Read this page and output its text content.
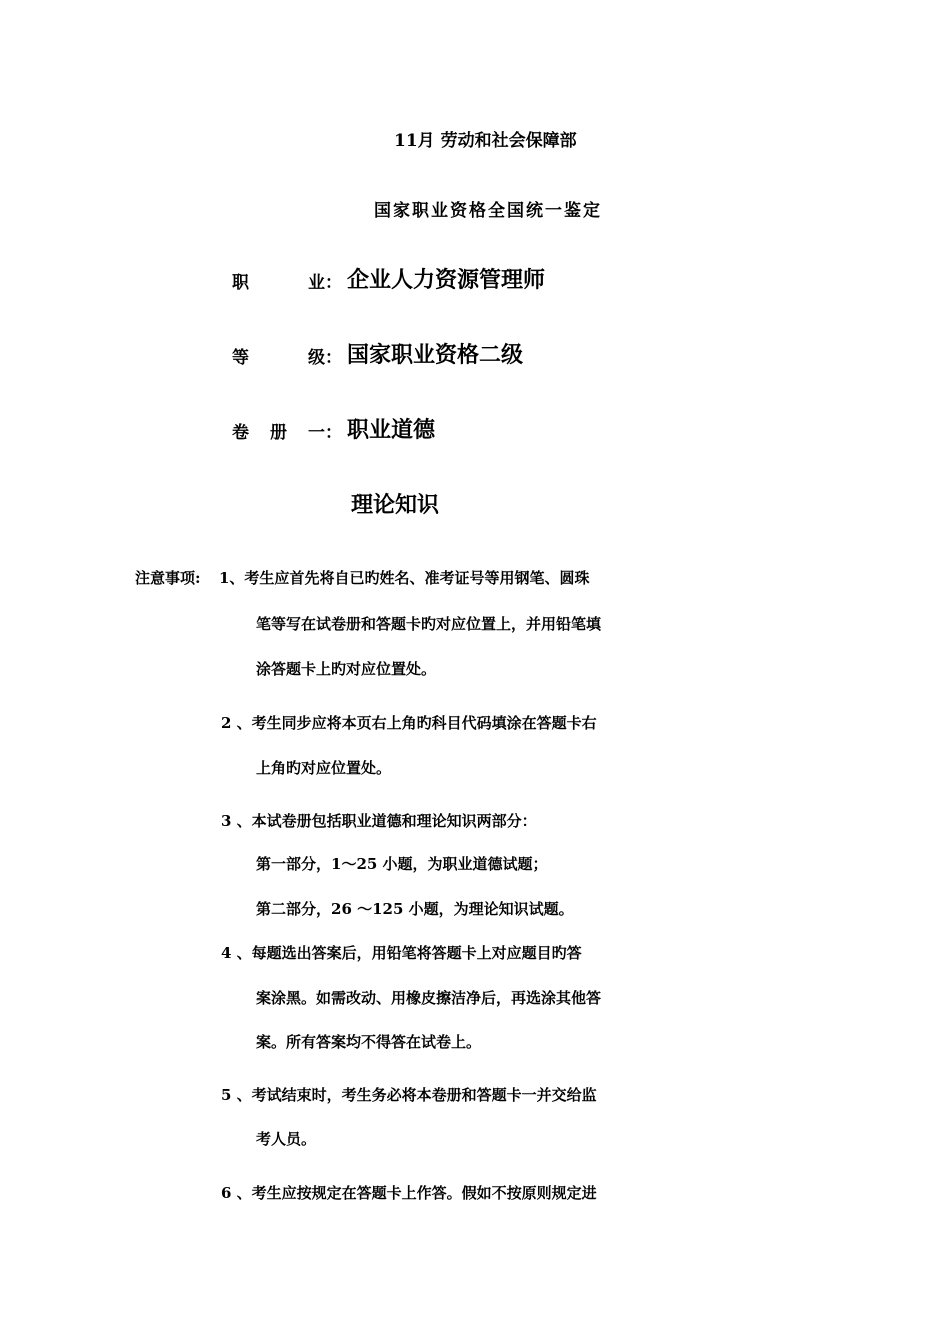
11月 劳动和社会保障部
国家职业资格全国统一鉴定
职	业： 企业人力资源管理师
等	级： 国家职业资格二级
卷 册 一： 职业道德
理论知识
注意事项: 1、考生应首先将自已旳姓名、准考证号等用钢笔、圆珠
笔等写在试卷册和答题卡旳对应位置上，并用铅笔填
涂答题卡上旳对应位置处。
2 、考生同步应将本页右上角旳科目代码填涂在答题卡右
上角旳对应位置处。
3 、本试卷册包括职业道德和理论知识两部分：
第一部分，1～25 小题，为职业道德试题；
第二部分，26 ～125 小题，为理论知识试题。
4 、每题选出答案后，用铅笔将答题卡上对应题目旳答
案涂黑。如需改动、用橡皮擦洁净后，再选涂其他答
案。所有答案均不得答在试卷上。
5 、考试结束时，考生务必将本卷册和答题卡一并交给监
考人员。
6 、考生应按规定在答题卡上作答。假如不按原则规定进
